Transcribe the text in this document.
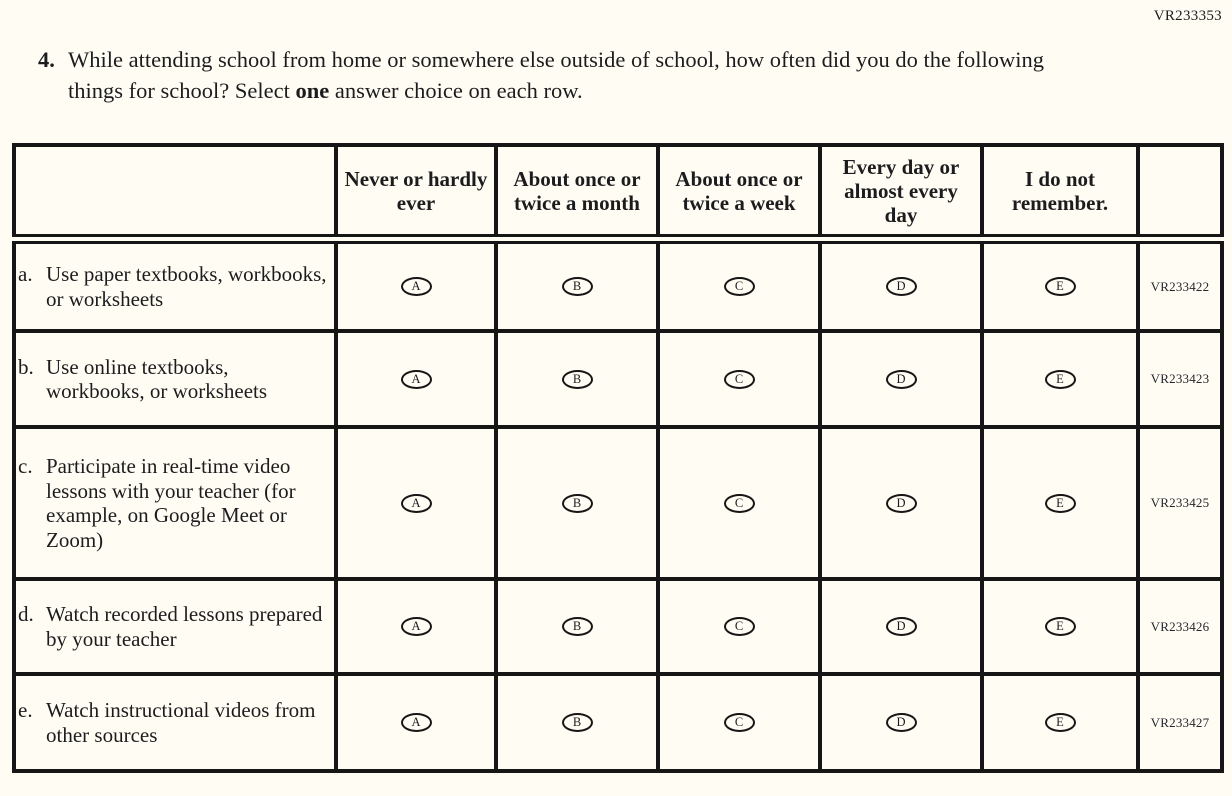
VR233353
4. While attending school from home or somewhere else outside of school, how often did you do the following things for school? Select one answer choice on each row.
	Never or hardly ever	About once or twice a month	About once or twice a week	Every day or almost every day	I do not remember.	

a. Use paper textbooks, workbooks, or worksheets	A	B	C	D	E	VR233422

b. Use online textbooks, workbooks, or worksheets	A	B	C	D	E	VR233423

c. Participate in real-time video lessons with your teacher (for example, on Google Meet or Zoom)	A	B	C	D	E	VR233425

d. Watch recorded lessons prepared by your teacher	A	B	C	D	E	VR233426

e. Watch instructional videos from other sources	A	B	C	D	E	VR233427
